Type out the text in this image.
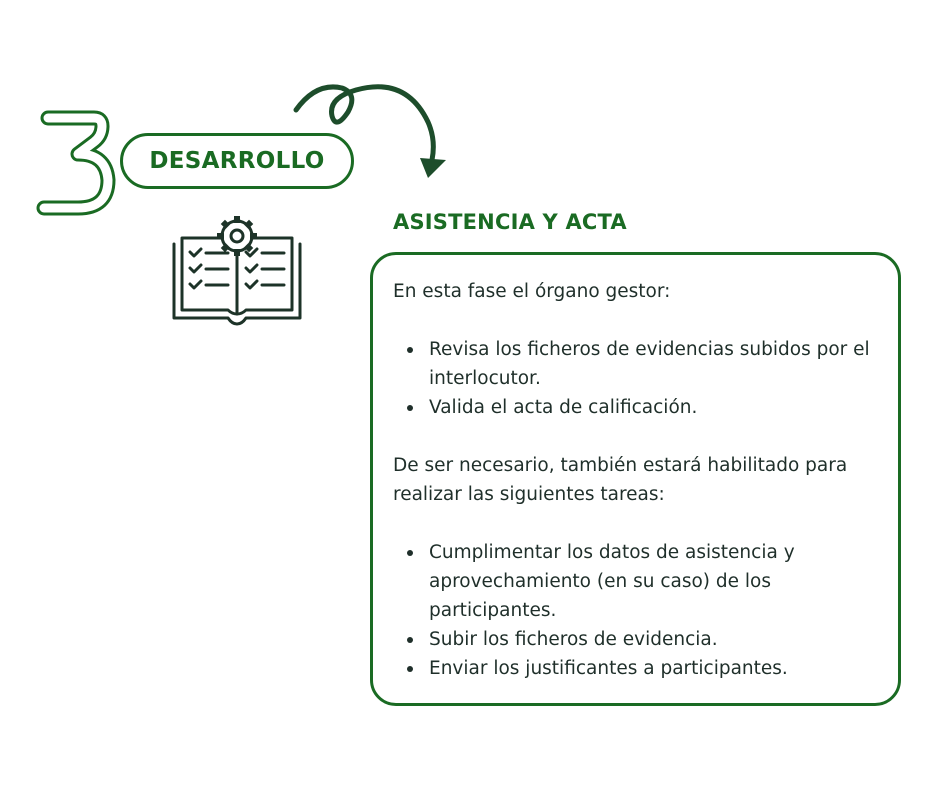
DESARROLLO
ASISTENCIA Y ACTA

En esta fase el órgano gestor:

Revisa los ficheros de evidencias subidos por el interlocutor.
Valida el acta de calificación.

De ser necesario, también estará habilitado para realizar las siguientes tareas:

Cumplimentar los datos de asistencia y aprovechamiento (en su caso) de los participantes.
Subir los ficheros de evidencia.
Enviar los justificantes a participantes.
